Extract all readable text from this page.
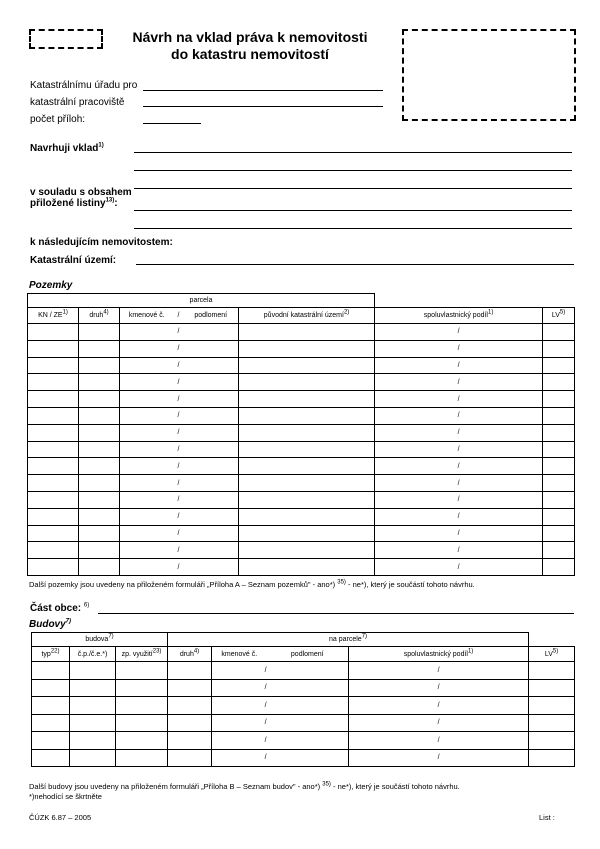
Návrh na vklad práva k nemovitosti
do katastru nemovitostí
Katastrálnímu úřadu pro
katastrální pracoviště
počet příloh:
Navrhuji vklad$^{1)}$
v souladu s obsahem
přiložené listiny$^{13)}$:
k následujícím nemovitostem:
Katastrální území:
Pozemky
parcela							
KN / ZE$^{1)}$	druh$^{4)}$	kmenové č.	/	podlomení	původní katastrální území$^{2)}$	spoluvlastnický podíl$^{1)}$	LV$^{5)}$
			/			/	
			/			/	
			/			/	
			/			/	
			/			/	
			/			/	
			/			/	
			/			/	
			/			/	
			/			/	
			/			/	
			/			/	
			/			/	
			/			/	
			/			/	
Další pozemky jsou uvedeny na přiloženém formuláři „Příloha A – Seznam pozemků" - ano*) $^{35)}$ - ne*), který je součástí tohoto návrhu.
Část obce: $^{6)}$
Budovy$^{7)}$
budova$^{7)}$			na parcele$^{7)}$	
typ$^{22)}$	č.p./č.e.*)	zp. využití$^{23)}$	druh$^{4)}$	kmenové č.	podlomení	spoluvlastnický podíl$^{1)}$	LV$^{5)}$
				/		/	
				/		/	
				/		/	
				/		/	
				/		/	
				/		/	
Další budovy jsou uvedeny na přiloženém formuláři „Příloha B – Seznam budov" - ano*) $^{35)}$ - ne*), který je součástí tohoto návrhu.
*)nehodící se škrtněte
ČÚZK 6.87 – 2005	List :
